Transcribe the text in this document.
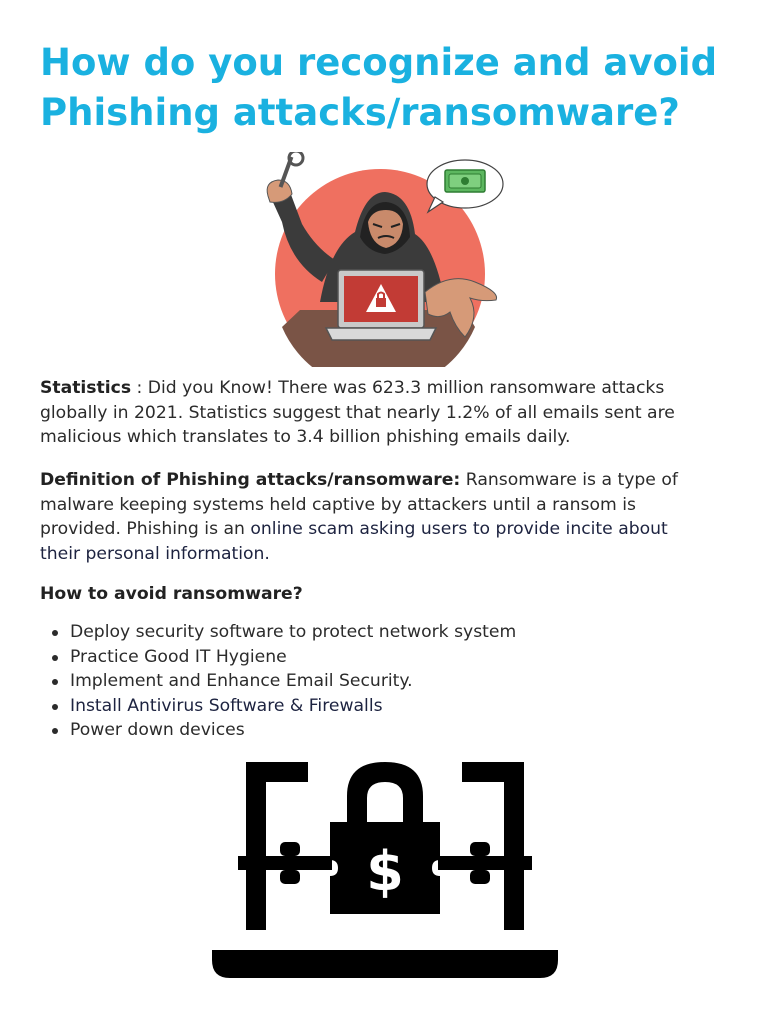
How do you recognize and avoid
Phishing attacks/ransomware?

Statistics : Did you Know! There was 623.3 million ransomware attacks
globally in 2021. Statistics suggest that nearly 1.2% of all emails sent are
malicious which translates to 3.4 billion phishing emails daily.

Definition of Phishing attacks/ransomware: Ransomware is a type of
malware keeping systems held captive by attackers until a ransom is
provided. Phishing is an online scam asking users to provide incite about
their personal information.

How to avoid ransomware?
Deploy security software to protect network system
Practice Good IT Hygiene
Implement and Enhance Email Security.
Install Antivirus Software & Firewalls
Power down devices
$
